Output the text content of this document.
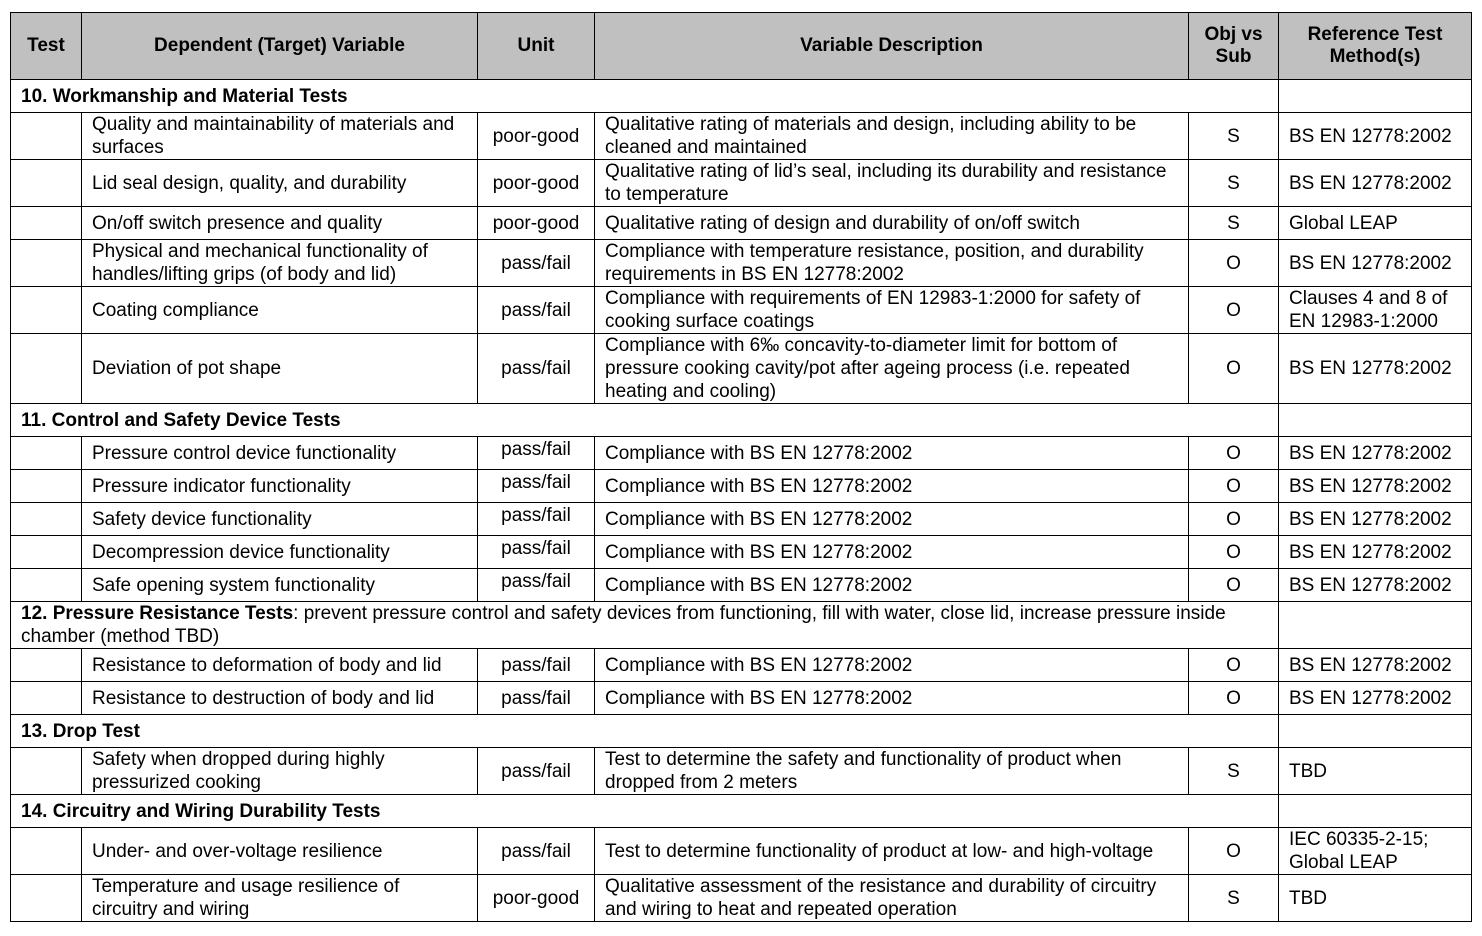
Test	Dependent (Target) Variable	Unit	Variable Description	Obj vs Sub	Reference Test Method(s)
10. Workmanship and Material Tests					
	Quality and maintainability of materials and surfaces	poor-good	Qualitative rating of materials and design, including ability to be cleaned and maintained	S	BS EN 12778:2002
	Lid seal design, quality, and durability	poor-good	Qualitative rating of lid’s seal, including its durability and resistance to temperature	S	BS EN 12778:2002
	On/off switch presence and quality	poor-good	Qualitative rating of design and durability of on/off switch	S	Global LEAP
	Physical and mechanical functionality of handles/lifting grips (of body and lid)	pass/fail	Compliance with temperature resistance, position, and durability requirements in BS EN 12778:2002	O	BS EN 12778:2002
	Coating compliance	pass/fail	Compliance with requirements of EN 12983-1:2000 for safety of cooking surface coatings	O	Clauses 4 and 8 of EN 12983-1:2000
	Deviation of pot shape	pass/fail	Compliance with 6‰ concavity-to-diameter limit for bottom of pressure cooking cavity/pot after ageing process (i.e. repeated heating and cooling)	O	BS EN 12778:2002
11. Control and Safety Device Tests					
	Pressure control device functionality	pass/fail	Compliance with BS EN 12778:2002	O	BS EN 12778:2002
	Pressure indicator functionality	pass/fail	Compliance with BS EN 12778:2002	O	BS EN 12778:2002
	Safety device functionality	pass/fail	Compliance with BS EN 12778:2002	O	BS EN 12778:2002
	Decompression device functionality	pass/fail	Compliance with BS EN 12778:2002	O	BS EN 12778:2002
	Safe opening system functionality	pass/fail	Compliance with BS EN 12778:2002	O	BS EN 12778:2002
12. Pressure Resistance Tests: prevent pressure control and safety devices from functioning, fill with water, close lid, increase pressure inside chamber (method TBD)					
	Resistance to deformation of body and lid	pass/fail	Compliance with BS EN 12778:2002	O	BS EN 12778:2002
	Resistance to destruction of body and lid	pass/fail	Compliance with BS EN 12778:2002	O	BS EN 12778:2002
13. Drop Test					
	Safety when dropped during highly pressurized cooking	pass/fail	Test to determine the safety and functionality of product when dropped from 2 meters	S	TBD
14. Circuitry and Wiring Durability Tests					
	Under- and over-voltage resilience	pass/fail	Test to determine functionality of product at low- and high-voltage	O	IEC 60335-2-15; Global LEAP
	Temperature and usage resilience of circuitry and wiring	poor-good	Qualitative assessment of the resistance and durability of circuitry and wiring to heat and repeated operation	S	TBD
